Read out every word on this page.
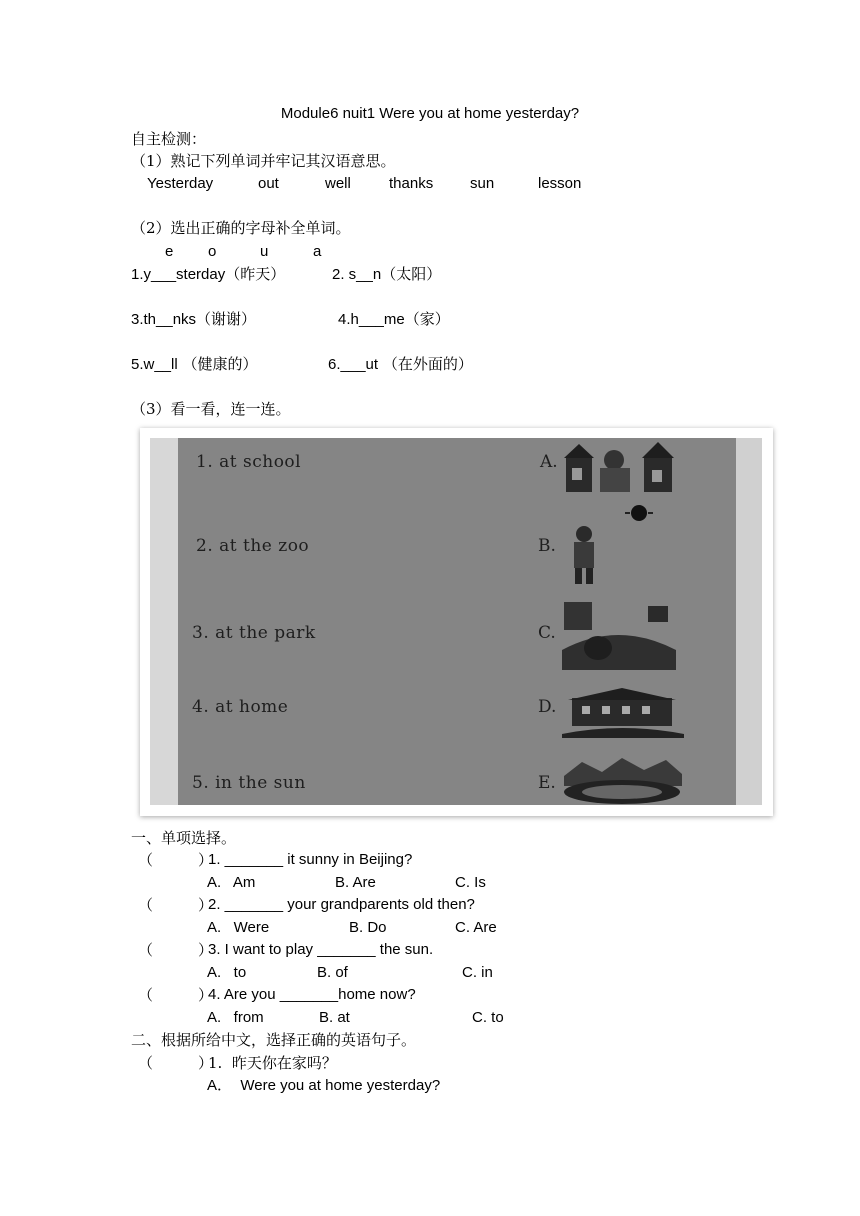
Module6 nuit1 Were you at home yesterday?
自主检测：
（1）熟记下列单词并牢记其汉语意思。
Yesterday	out	well	thanks sun	lesson
（2）选出正确的字母补全单词。
e o	u	a
1.y___sterday（昨天）	2. s__n（太阳）
3.th__nks（谢谢）	4.h___me（家）
5.w__ll （健康的）	6.___ut （在外面的）
（3）看一看，连一连。
1. at school
2. at the zoo
3. at the park
4. at home
5. in the sun
A.
B.
C.
D.
E.
一、单项选择。
（　　　）
1. _______ it sunny in Beijing?
A.   Am	B. Are	C. Is
（　　　）
2. _______ your grandparents old then?
A.   Were	B. Do	C. Are
（　　　）
3. I want to play _______ the sun.
A.   to	B. of	C. in
（　　　）
4. Are you _______home now?
A.   from	B. at	C. to
二、根据所给中文，选择正确的英语句子。
（　　　）
1.  昨天你在家吗？
A．  Were you at home yesterday?
